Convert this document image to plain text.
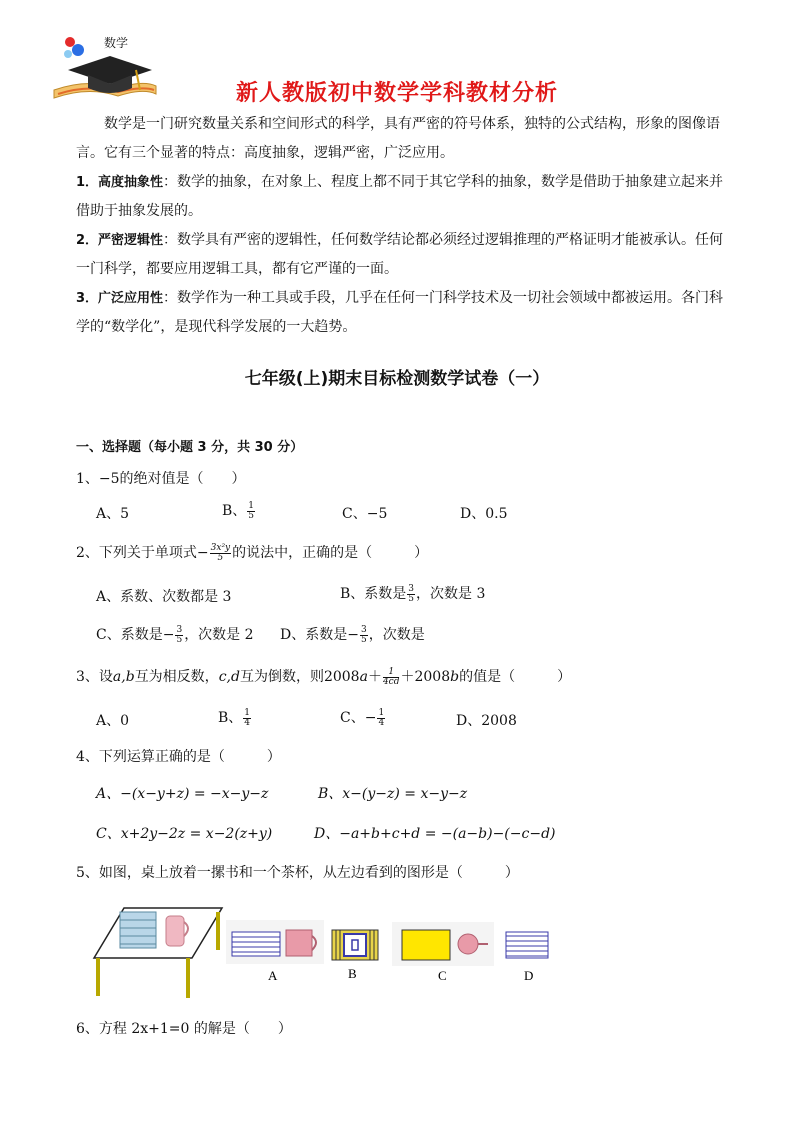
数学
新人教版初中数学学科教材分析

数学是一门研究数量关系和空间形式的科学，具有严密的符号体系，独特的公式结构，形象的图像语言。它有三个显著的特点：高度抽象，逻辑严密，广泛应用。

1．高度抽象性：数学的抽象，在对象上、程度上都不同于其它学科的抽象，数学是借助于抽象建立起来并借助于抽象发展的。

2．严密逻辑性：数学具有严密的逻辑性，任何数学结论都必须经过逻辑推理的严格证明才能被承认。任何一门科学，都要应用逻辑工具，都有它严谨的一面。

3．广泛应用性：数学作为一种工具或手段，几乎在任何一门科学技术及一切社会领域中都被运用。各门科学的“数学化”，是现代科学发展的一大趋势。

七年级(上)期末目标检测数学试卷（一）
一、选择题（每小题 3 分，共 30 分）
1、−5的绝对值是（　　）
A、5	B、 $\frac{1}{5}$	C、−5	D、0.5
2、下列关于单项式− $\frac{\text{3x²y}}{5}$ 的说法中，正确的是（　　　）
A、系数、次数都是 3	B、系数是 $\frac{3}{5}$ ，次数是 3
C、系数是− $\frac{3}{5}$ ，次数是 2 D、系数是− $\frac{3}{5}$ ，次数是
3、设a,b互为相反数，c,d互为倒数，则$2008a+ \frac{1}{4cd} +2008b$的值是（　　　）
A、0	B、 $\frac{1}{4}$	C、− $\frac{1}{4}$	D、2008
4、下列运算正确的是（　　　）
A、−(x−y+z) = −x−y−z	B、x−(y−z) = x−y−z
C、x+2y−2z = x−2(z+y)	D、−a+b+c+d = −(a−b)−(−c−d)
5、如图，桌上放着一摞书和一个茶杯，从左边看到的图形是（　　　）
A	B	C	D
6、方程 2x+1=0 的解是（　　）
